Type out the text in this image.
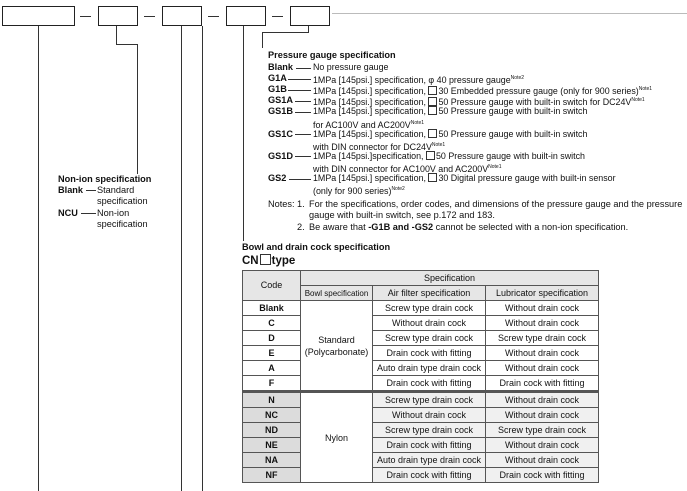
Pressure gauge specification
Blank No pressure gauge
G1A	1MPa [145psi.] specification, φ 40 pressure gauge$^{Note2}$
G1B	1MPa [145psi.] specification, 30 Embedded pressure gauge (only for 900 series)$^{Note1}$
GS1A 1MPa [145psi.] specification, 50 Pressure gauge with built-in switch for $DC24V^{Note1}$
GS1B 1MPa [145psi.] specification, 50 Pressure gauge with built-in switch
for AC100V and $AC200V^{Note1}$
GS1C 1MPa [145psi.] specification, 50 Pressure gauge with built-in switch
with DIN connector for $DC24V^{Note1}$
GS1D 1MPa [145psi.]specification, 50 Pressure gauge with built-in switch
with DIN connector for AC100V and $AC200V^{Note1}$
GS2	1MPa [145psi.] specification, 30 Digital pressure gauge with built-in sensor
(only for 900 series)$^{Note2}$
Notes: 1. For the specifications, order codes, and dimensions of the pressure gauge and the pressure
gauge with built-in switch, see p.172 and 183.
2. Be aware that -G1B and -GS2 cannot be selected with a non-ion specification.
Non-ion specification
Blank Standard
specification
NCU Non-ion
specification
Bowl and drain cock specification
CN type
Code	Specification		
	Bowl specification	Air filter specification	Lubricator specification
Blank	Standard (Polycarbonate)	Screw type drain cock	Without drain cock
C		Without drain cock	Without drain cock
D		Screw type drain cock	Screw type drain cock
E		Drain cock with fitting	Without drain cock
A		Auto drain type drain cock	Without drain cock
F		Drain cock with fitting	Drain cock with fitting
N	Nylon	Screw type drain cock	Without drain cock
NC		Without drain cock	Without drain cock
ND		Screw type drain cock	Screw type drain cock
NE		Drain cock with fitting	Without drain cock
NA		Auto drain type drain cock	Without drain cock
NF		Drain cock with fitting	Drain cock with fitting
